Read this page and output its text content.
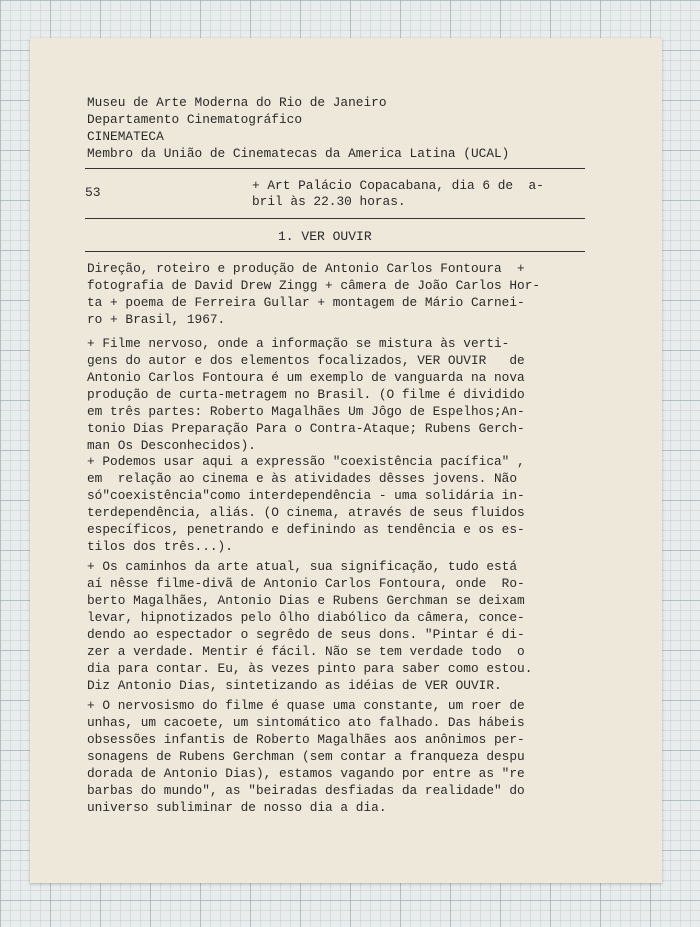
Museu de Arte Moderna do Rio de Janeiro
Departamento Cinematográfico
CINEMATECA
Membro da União de Cinematecas da America Latina (UCAL)
53	+ Art Palácio Copacabana, dia 6 de  a-
bril às 22.30 horas.
1. VER OUVIR
Direção, roteiro e produção de Antonio Carlos Fontoura  +
fotografia de David Drew Zingg + câmera de João Carlos Hor-
ta + poema de Ferreira Gullar + montagem de Mário Carnei-
ro + Brasil, 1967.
+ Filme nervoso, onde a informação se mistura às verti-
gens do autor e dos elementos focalizados, VER OUVIR   de
Antonio Carlos Fontoura é um exemplo de vanguarda na nova
produção de curta-metragem no Brasil. (O filme é dividido
em três partes: Roberto Magalhães Um Jôgo de Espelhos;An-
tonio Dias Preparação Para o Contra-Ataque; Rubens Gerch-
man Os Desconhecidos).
+ Podemos usar aqui a expressão "coexistência pacífica" ,
em  relação ao cinema e às atividades dêsses jovens. Não
só"coexistência"como interdependência - uma solidária in-
terdependência, aliás. (O cinema, através de seus fluidos
específicos, penetrando e definindo as tendência e os es-
tilos dos três...).
+ Os caminhos da arte atual, sua significação, tudo está
aí nêsse filme-divã de Antonio Carlos Fontoura, onde  Ro-
berto Magalhães, Antonio Dias e Rubens Gerchman se deixam
levar, hipnotizados pelo ôlho diabólico da câmera, conce-
dendo ao espectador o segrêdo de seus dons. "Pintar é di-
zer a verdade. Mentir é fácil. Não se tem verdade todo  o
dia para contar. Eu, às vezes pinto para saber como estou.
Diz Antonio Dias, sintetizando as idéias de VER OUVIR.
+ O nervosismo do filme é quase uma constante, um roer de
unhas, um cacoete, um sintomático ato falhado. Das hábeis
obsessões infantis de Roberto Magalhães aos anônimos per-
sonagens de Rubens Gerchman (sem contar a franqueza despu
dorada de Antonio Dias), estamos vagando por entre as "re
barbas do mundo", as "beiradas desfiadas da realidade" do
universo subliminar de nosso dia a dia.
